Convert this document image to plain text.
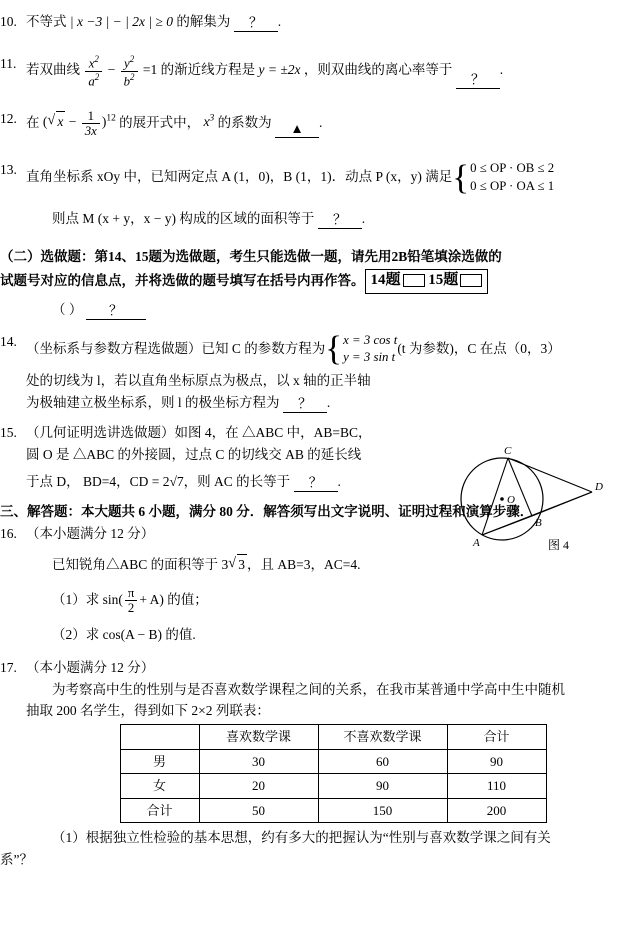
10. 不等式 | x −3 | − | 2x | ≥ 0 的解集为 ？ .
11. 若双曲线 $\frac{x^2}{a^2} - \frac{y^2}{b^2} =1$ 的渐近线方程是 y = ±2x ，则双曲线的离心率等于 ？.
12. 在 ( √ $x - \frac{1}{3x} )^{12}$ 的展开式中， $x^3$ 的系数为 ▲ .
13. 直角坐标系 xOy 中，已知两定点 A (1，0)，B (1，1)．动点 P (x，y) 满足 { 0 ≤ OP · OB ≤ 2
0 ≤ OP · OA ≤ 1
则点 M (x + y，x − y) 构成的区域的面积等于 ？ .
（二）选做题：第14、15题为选做题，考生只能选做一题，请先用2B铅笔填涂选做的
试题号对应的信息点，并将选做的题号填写在括号内再作答。 14题 15题
（ ） ？
14. （坐标系与参数方程选做题）已知 C 的参数方程为 { x = 3 cos t
y = 3 sin t
(t 为参数)，C 在点（0，3）
处的切线为 l，若以直角坐标原点为极点，以 x 轴的正半轴
为极轴建立极坐标系，则 l 的极坐标方程为 ？ .
C
O
D
B
A	图 4
15. （几何证明选讲选做题）如图 4，在 △ABC 中，AB=BC，
圆 O 是 △ABC 的外接圆，过点 C 的切线交 AB 的延长线
于点 D， BD=4，CD = 2√7，则 AC 的长等于 ？ .
三、解答题：本大题共 6 小题，满分 80 分．解答须写出文字说明、证明过程和演算步骤．
16. （本小题满分 12 分）
已知锐角△ABC 的面积等于 3 √ 3 ，且 AB=3，AC=4.
（1）求 $\sin( \frac{\pi}{2} + A)$ 的值；
（2）求 cos(A − B) 的值.
17. （本小题满分 12 分）
为考察高中生的性别与是否喜欢数学课程之间的关系，在我市某普通中学高中生中随机
抽取 200 名学生，得到如下 2×2 列联表：
	喜欢数学课	不喜欢数学课	合计
男	30	60	90
女	20	90	110
合计	50	150	200
（1）根据独立性检验的基本思想，约有多大的把握认为“性别与喜欢数学课之间有关
系”？
